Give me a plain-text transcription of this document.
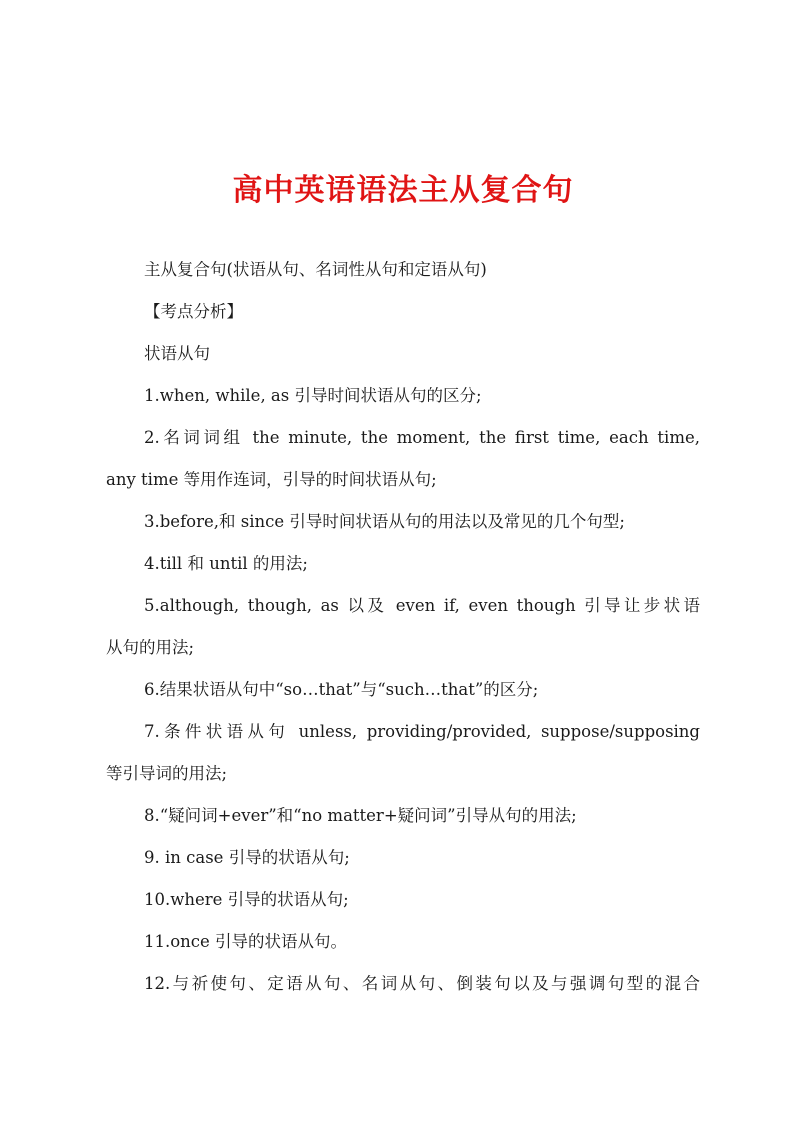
高中英语语法主从复合句

主从复合句(状语从句、名词性从句和定语从句)

【考点分析】

状语从句

1.when, while, as 引导时间状语从句的区分;

2.名词词组 the minute, the moment, the first time, each time,

any time 等用作连词，引导的时间状语从句;

3.before,和 since 引导时间状语从句的用法以及常见的几个句型;

4.till 和 until 的用法;

5.although, though, as 以及 even if, even though 引导让步状语

从句的用法;

6.结果状语从句中“so…that”与“such…that”的区分;

7.条件状语从句 unless, providing/provided, suppose/supposing

等引导词的用法;

8.“疑问词+ever”和“no matter+疑问词”引导从句的用法;

9. in case 引导的状语从句;

10.where 引导的状语从句;

11.once 引导的状语从句。

12.与祈使句、定语从句、名词从句、倒装句以及与强调句型的混合
